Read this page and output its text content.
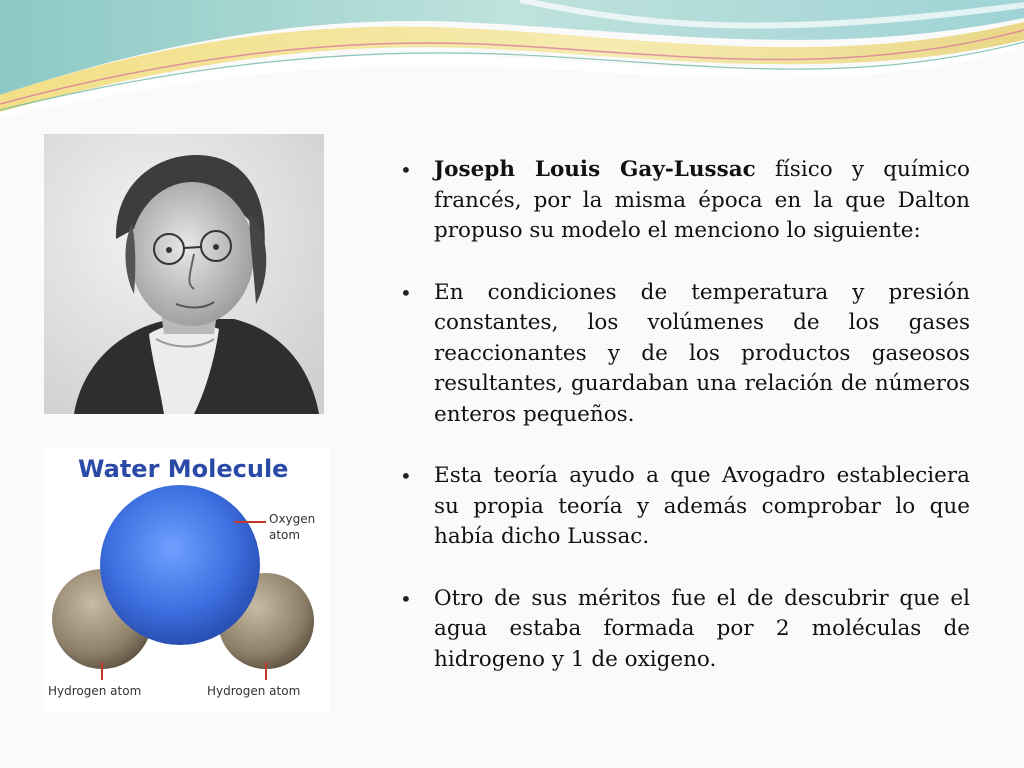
Water Molecule
Oxygen
atom
Hydrogen atom	Hydrogen atom
• Joseph Louis Gay-Lussac físico y químico francés, por la misma época en la que Dalton propuso su modelo el menciono lo siguiente:
• En condiciones de temperatura y presión constantes, los volúmenes de los gases reaccionantes y de los productos gaseosos resultantes, guardaban una relación de números enteros pequeños.
• Esta teoría ayudo a que Avogadro estableciera su propia teoría y además comprobar lo que había dicho Lussac.
• Otro de sus méritos fue el de descubrir que el agua estaba formada por 2 moléculas de hidrogeno y 1 de oxigeno.
